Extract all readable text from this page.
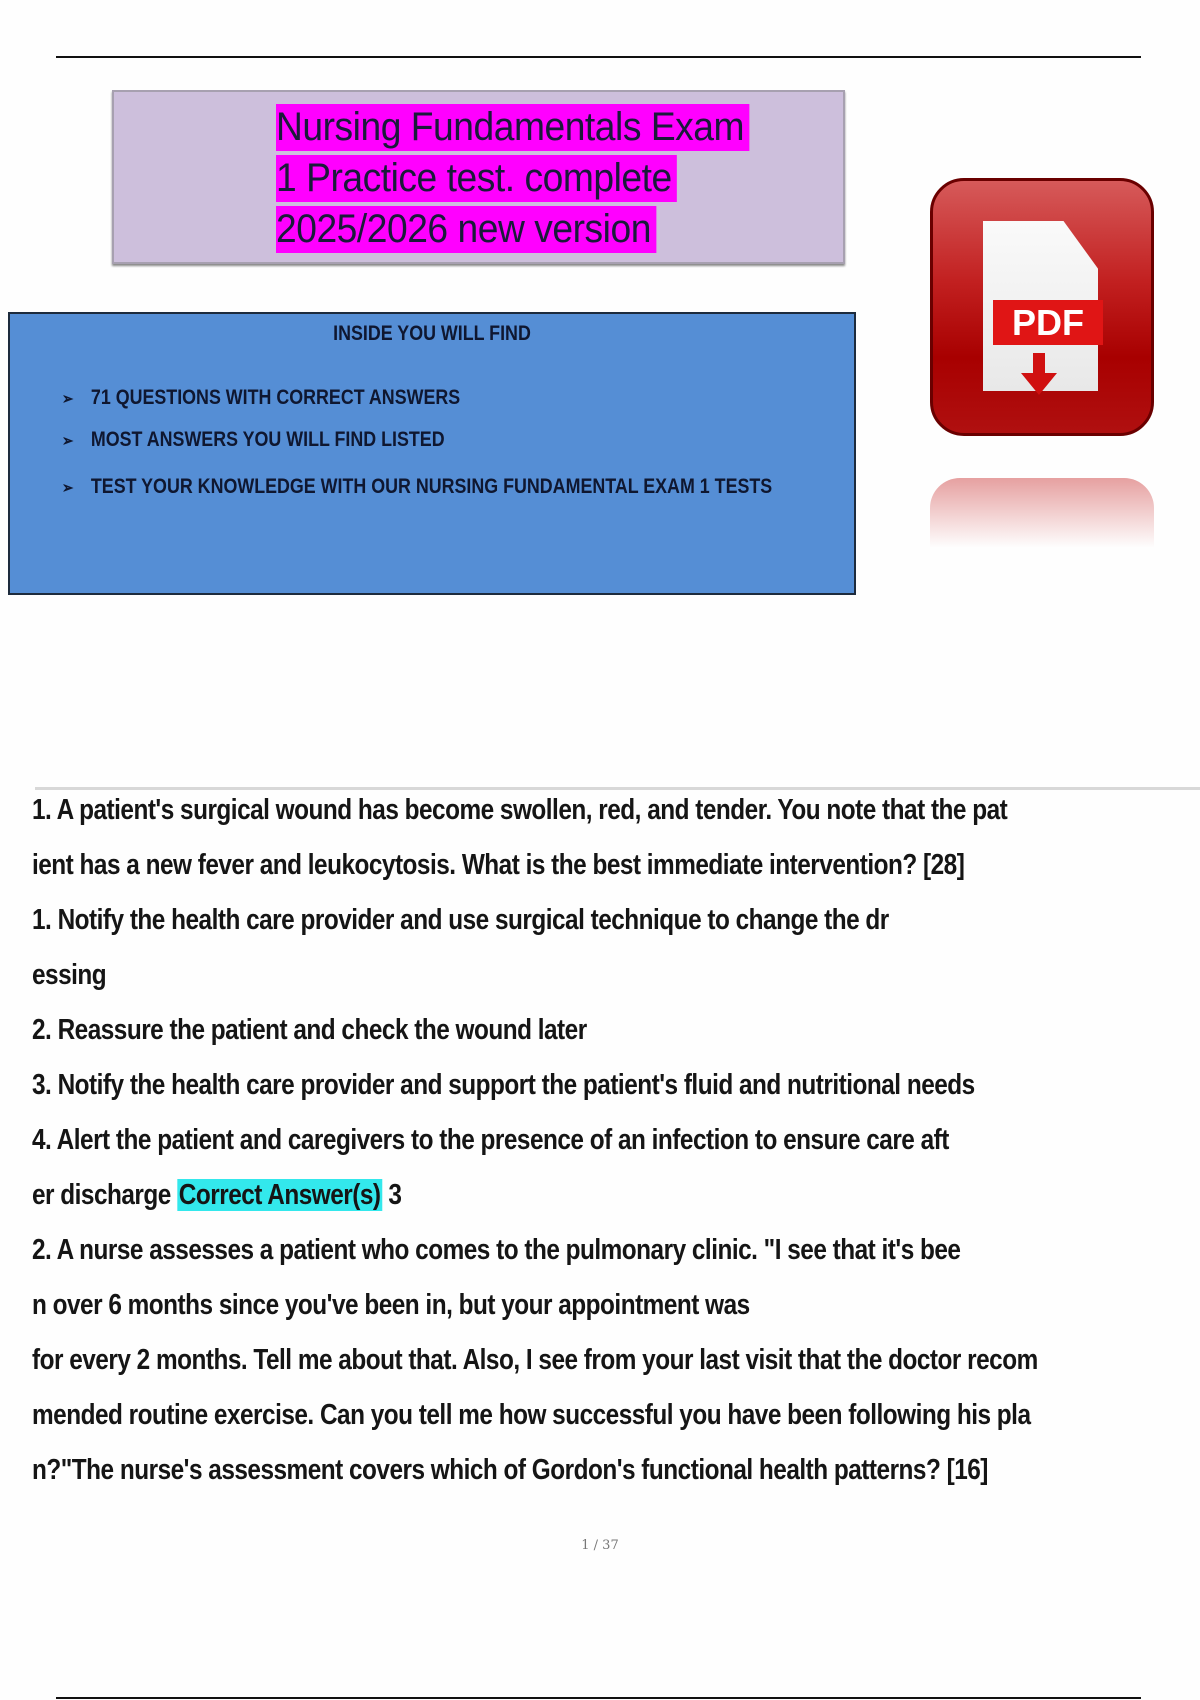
Nursing Fundamentals Exam
1 Practice test. complete
2025/2026 new version
INSIDE YOU WILL FIND
➢ 71 QUESTIONS WITH CORRECT ANSWERS
➢ MOST ANSWERS YOU WILL FIND LISTED
➢ TEST YOUR KNOWLEDGE WITH OUR NURSING FUNDAMENTAL EXAM 1 TESTS
PDF
1. A patient's surgical wound has become swollen, red, and tender. You note that the pat
ient has a new fever and leukocytosis. What is the best immediate intervention? [28]
1. Notify the health care provider and use surgical technique to change the dr
essing
2. Reassure the patient and check the wound later
3. Notify the health care provider and support the patient's fluid and nutritional needs
4. Alert the patient and caregivers to the presence of an infection to ensure care aft
er discharge Correct Answer(s) 3
2. A nurse assesses a patient who comes to the pulmonary clinic. "I see that it's bee
n over 6 months since you've been in, but your appointment was
for every 2 months. Tell me about that. Also, I see from your last visit that the doctor recom
mended routine exercise. Can you tell me how successful you have been following his pla
n?"The nurse's assessment covers which of Gordon's functional health patterns? [16]
1 / 37
